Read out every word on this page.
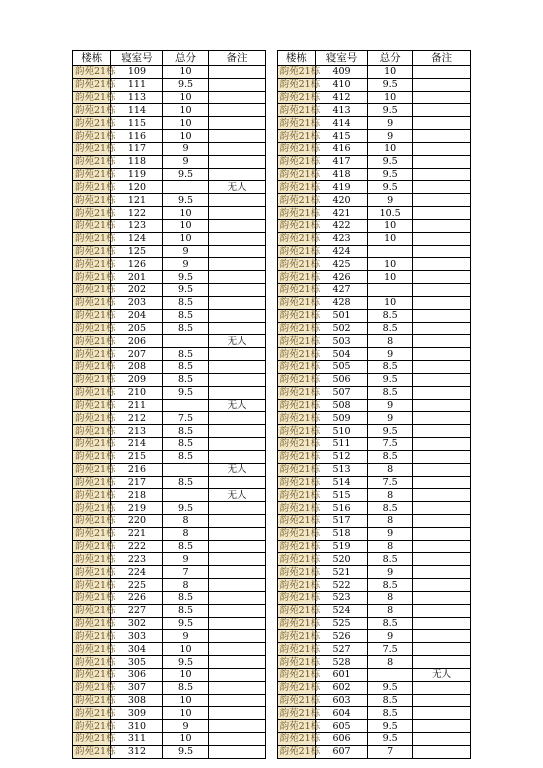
楼栋	寝室号	总分	备注		楼栋	寝室号	总分	备注
韵苑21栋	109	10			韵苑21栋	409	10	
韵苑21栋	111	9.5			韵苑21栋	410	9.5	
韵苑21栋	113	10			韵苑21栋	412	10	
韵苑21栋	114	10			韵苑21栋	413	9.5	
韵苑21栋	115	10			韵苑21栋	414	9	
韵苑21栋	116	10			韵苑21栋	415	9	
韵苑21栋	117	9			韵苑21栋	416	10	
韵苑21栋	118	9			韵苑21栋	417	9.5	
韵苑21栋	119	9.5			韵苑21栋	418	9.5	
韵苑21栋	120		无人		韵苑21栋	419	9.5	
韵苑21栋	121	9.5			韵苑21栋	420	9	
韵苑21栋	122	10			韵苑21栋	421	10.5	
韵苑21栋	123	10			韵苑21栋	422	10	
韵苑21栋	124	10			韵苑21栋	423	10	
韵苑21栋	125	9			韵苑21栋	424		
韵苑21栋	126	9			韵苑21栋	425	10	
韵苑21栋	201	9.5			韵苑21栋	426	10	
韵苑21栋	202	9.5			韵苑21栋	427		
韵苑21栋	203	8.5			韵苑21栋	428	10	
韵苑21栋	204	8.5			韵苑21栋	501	8.5	
韵苑21栋	205	8.5			韵苑21栋	502	8.5	
韵苑21栋	206		无人		韵苑21栋	503	8	
韵苑21栋	207	8.5			韵苑21栋	504	9	
韵苑21栋	208	8.5			韵苑21栋	505	8.5	
韵苑21栋	209	8.5			韵苑21栋	506	9.5	
韵苑21栋	210	9.5			韵苑21栋	507	8.5	
韵苑21栋	211		无人		韵苑21栋	508	9	
韵苑21栋	212	7.5			韵苑21栋	509	9	
韵苑21栋	213	8.5			韵苑21栋	510	9.5	
韵苑21栋	214	8.5			韵苑21栋	511	7.5	
韵苑21栋	215	8.5			韵苑21栋	512	8.5	
韵苑21栋	216		无人		韵苑21栋	513	8	
韵苑21栋	217	8.5			韵苑21栋	514	7.5	
韵苑21栋	218		无人		韵苑21栋	515	8	
韵苑21栋	219	9.5			韵苑21栋	516	8.5	
韵苑21栋	220	8			韵苑21栋	517	8	
韵苑21栋	221	8			韵苑21栋	518	9	
韵苑21栋	222	8.5			韵苑21栋	519	8	
韵苑21栋	223	9			韵苑21栋	520	8.5	
韵苑21栋	224	7			韵苑21栋	521	9	
韵苑21栋	225	8			韵苑21栋	522	8.5	
韵苑21栋	226	8.5			韵苑21栋	523	8	
韵苑21栋	227	8.5			韵苑21栋	524	8	
韵苑21栋	302	9.5			韵苑21栋	525	8.5	
韵苑21栋	303	9			韵苑21栋	526	9	
韵苑21栋	304	10			韵苑21栋	527	7.5	
韵苑21栋	305	9.5			韵苑21栋	528	8	
韵苑21栋	306	10			韵苑21栋	601		无人
韵苑21栋	307	8.5			韵苑21栋	602	9.5	
韵苑21栋	308	10			韵苑21栋	603	8.5	
韵苑21栋	309	10			韵苑21栋	604	8.5	
韵苑21栋	310	9			韵苑21栋	605	9.5	
韵苑21栋	311	10			韵苑21栋	606	9.5	
韵苑21栋	312	9.5			韵苑21栋	607	7	
